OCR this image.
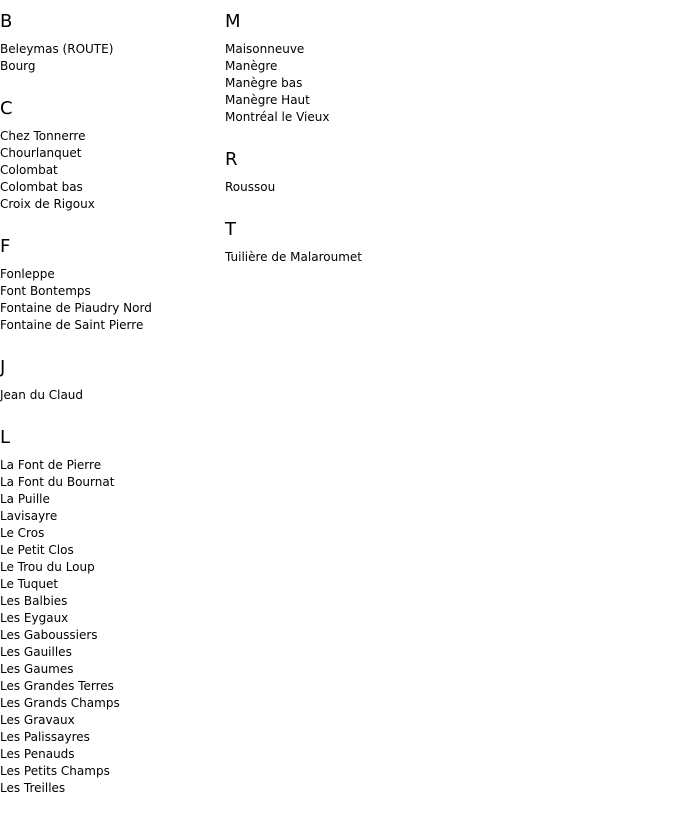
B
Beleymas (ROUTE)
Bourg
C
Chez Tonnerre
Chourlanquet
Colombat
Colombat bas
Croix de Rigoux
F
Fonleppe
Font Bontemps
Fontaine de Piaudry Nord
Fontaine de Saint Pierre
J
Jean du Claud
L
La Font de Pierre
La Font du Bournat
La Puille
Lavisayre
Le Cros
Le Petit Clos
Le Trou du Loup
Le Tuquet
Les Balbies
Les Eygaux
Les Gaboussiers
Les Gauilles
Les Gaumes
Les Grandes Terres
Les Grands Champs
Les Gravaux
Les Palissayres
Les Penauds
Les Petits Champs
Les Treilles
M
Maisonneuve
Manègre
Manègre bas
Manègre Haut
Montréal le Vieux
R
Roussou
T
Tuilière de Malaroumet
